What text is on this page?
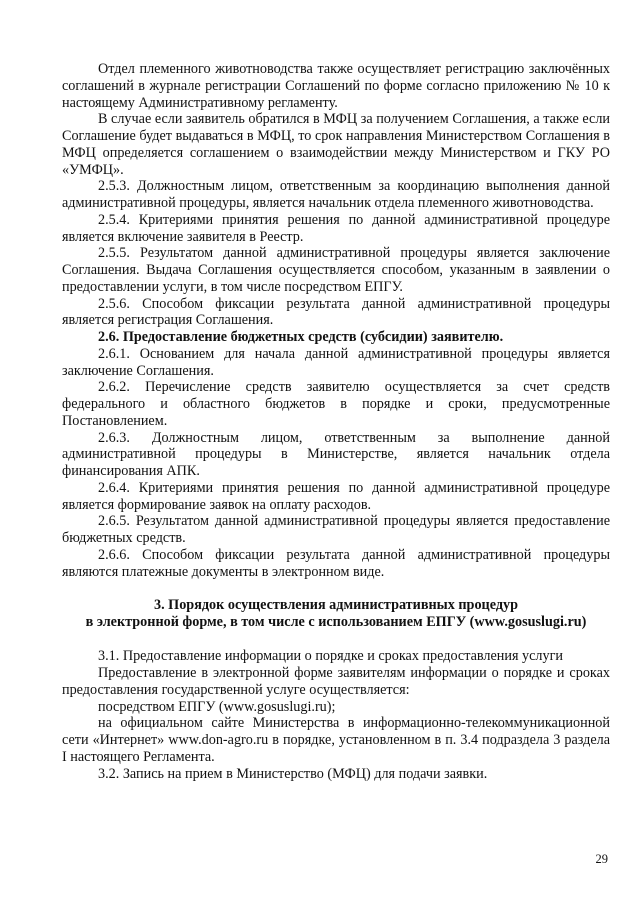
Отдел племенного животноводства также осуществляет регистрацию заключённых соглашений в журнале регистрации Соглашений по форме согласно приложению № 10 к настоящему Административному регламенту.

В случае если заявитель обратился в МФЦ за получением Соглашения, а также если Соглашение будет выдаваться в МФЦ, то срок направления Министерством Соглашения в МФЦ определяется соглашением о взаимодействии между Министерством и ГКУ РО «УМФЦ».

2.5.3. Должностным лицом, ответственным за координацию выполнения данной административной процедуры, является начальник отдела племенного животноводства.

2.5.4. Критериями принятия решения по данной административной процедуре является включение заявителя в Реестр.

2.5.5. Результатом данной административной процедуры является заключение Соглашения. Выдача Соглашения осуществляется способом, указанным в заявлении о предоставлении услуги, в том числе посредством ЕПГУ.

2.5.6. Способом фиксации результата данной административной процедуры является регистрация Соглашения.

2.6. Предоставление бюджетных средств (субсидии) заявителю.

2.6.1. Основанием для начала данной административной процедуры является заключение Соглашения.

2.6.2. Перечисление средств заявителю осуществляется за счет средств федерального и областного бюджетов в порядке и сроки, предусмотренные Постановлением.

2.6.3. Должностным лицом, ответственным за выполнение данной административной процедуры в Министерстве, является начальник отдела финансирования АПК.

2.6.4. Критериями принятия решения по данной административной процедуре является формирование заявок на оплату расходов.

2.6.5. Результатом данной административной процедуры является предоставление бюджетных средств.

2.6.6. Способом фиксации результата данной административной процедуры являются платежные документы в электронном виде.

3. Порядок осуществления административных процедур

в электронной форме, в том числе с использованием ЕПГУ (www.gosuslugi.ru)

3.1. Предоставление информации о порядке и сроках предоставления услуги

Предоставление в электронной форме заявителям информации о порядке и сроках предоставления государственной услуге осуществляется:

посредством ЕПГУ (www.gosuslugi.ru);

на официальном сайте Министерства в информационно-телекоммуникационной сети «Интернет» www.don-agro.ru в порядке, установленном в п. 3.4 подраздела 3 раздела I настоящего Регламента.

3.2. Запись на прием в Министерство (МФЦ) для подачи заявки.

29
